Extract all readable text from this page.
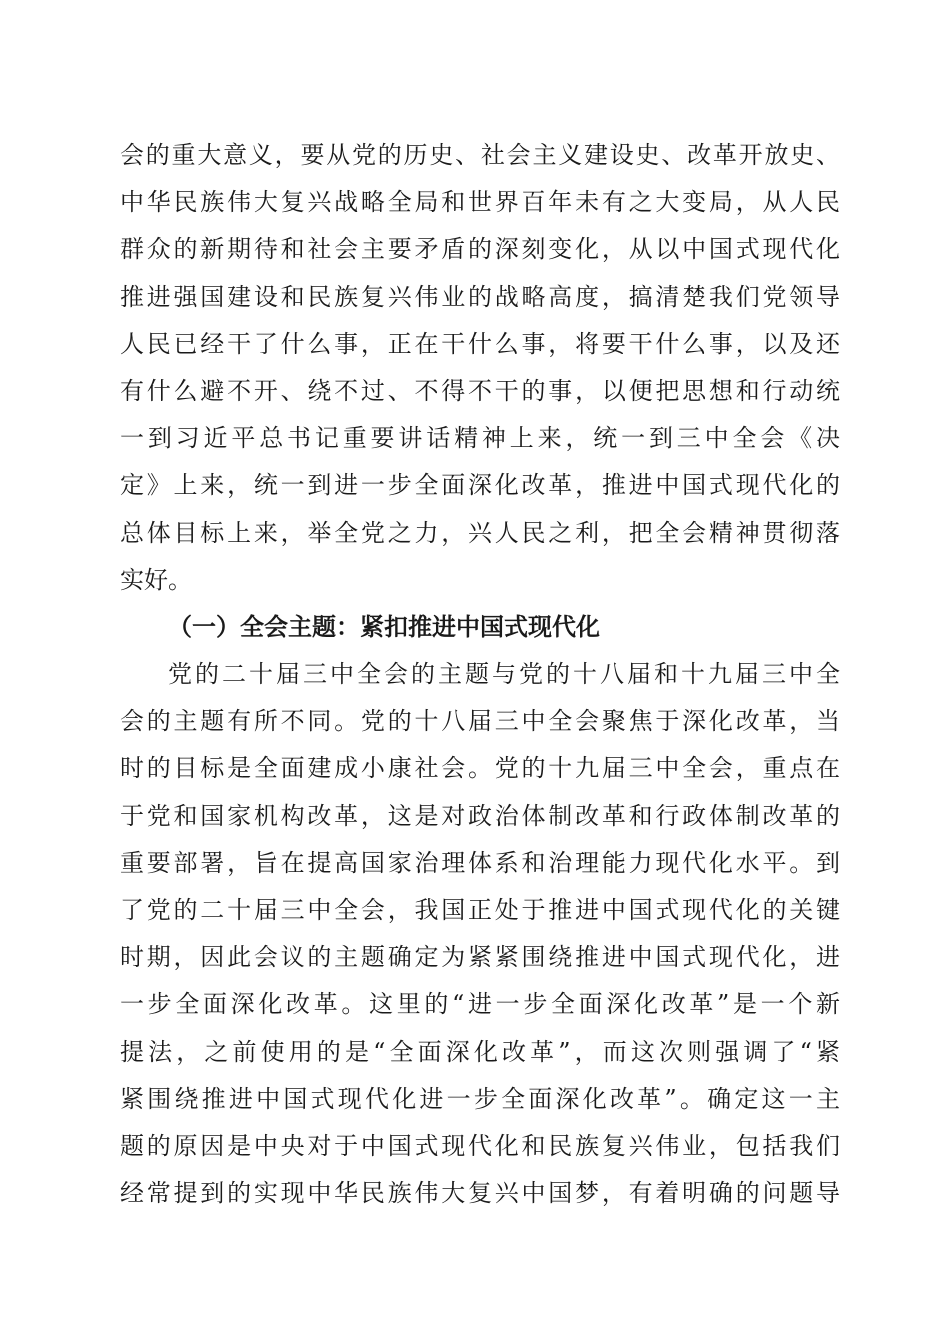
会的重大意义，要从党的历史、社会主义建设史、改革开放史、
中华民族伟大复兴战略全局和世界百年未有之大变局，从人民
群众的新期待和社会主要矛盾的深刻变化，从以中国式现代化
推进强国建设和民族复兴伟业的战略高度，搞清楚我们党领导
人民已经干了什么事，正在干什么事，将要干什么事，以及还
有什么避不开、绕不过、不得不干的事，以便把思想和行动统
一到习近平总书记重要讲话精神上来，统一到三中全会《决
定》上来，统一到进一步全面深化改革，推进中国式现代化的
总体目标上来，举全党之力，兴人民之利，把全会精神贯彻落
实好。
（一）全会主题：紧扣推进中国式现代化
党的二十届三中全会的主题与党的十八届和十九届三中全
会的主题有所不同。党的十八届三中全会聚焦于深化改革，当
时的目标是全面建成小康社会。党的十九届三中全会，重点在
于党和国家机构改革，这是对政治体制改革和行政体制改革的
重要部署，旨在提高国家治理体系和治理能力现代化水平。到
了党的二十届三中全会，我国正处于推进中国式现代化的关键
时期，因此会议的主题确定为紧紧围绕推进中国式现代化，进
一步全面深化改革。这里的“进一步全面深化改革”是一个新
提法，之前使用的是“全面深化改革”，而这次则强调了“紧
紧围绕推进中国式现代化进一步全面深化改革”。确定这一主
题的原因是中央对于中国式现代化和民族复兴伟业，包括我们
经常提到的实现中华民族伟大复兴中国梦，有着明确的问题导
